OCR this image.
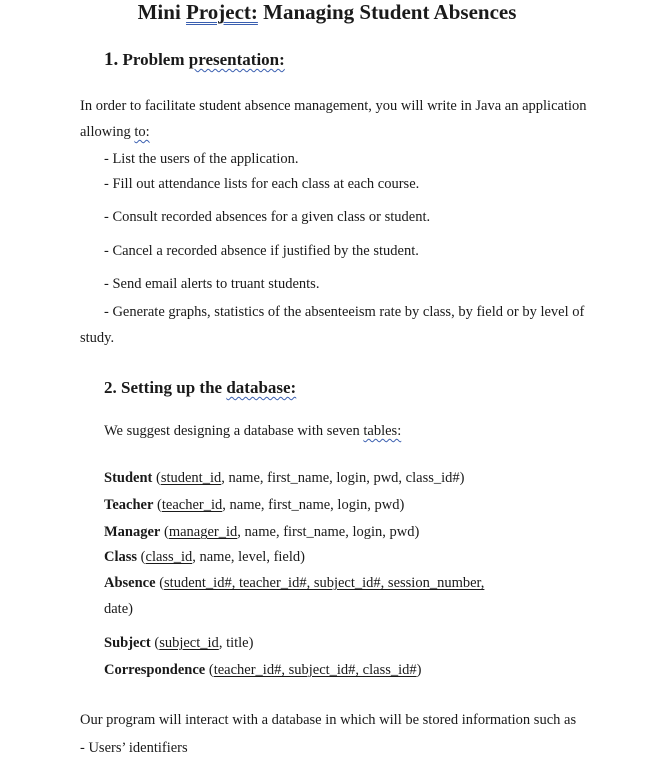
Mini Project: Managing Student Absences
1. Problem presentation:
In order to facilitate student absence management, you will write in Java an application
allowing to:
- List the users of the application.
- Fill out attendance lists for each class at each course.
- Consult recorded absences for a given class or student.
- Cancel a recorded absence if justified by the student.
- Send email alerts to truant students.
- Generate graphs, statistics of the absenteeism rate by class, by field or by level of
study.
2. Setting up the database:
We suggest designing a database with seven tables:
Student (student_id, name, first_name, login, pwd, class_id#)
Teacher (teacher_id, name, first_name, login, pwd)
Manager (manager_id, name, first_name, login, pwd)
Class (class_id, name, level, field)
Absence (student_id#, teacher_id#, subject_id#, session_number,
date)
Subject (subject_id, title)
Correspondence (teacher_id#, subject_id#, class_id#)
Our program will interact with a database in which will be stored information such as
- Users’ identifiers
